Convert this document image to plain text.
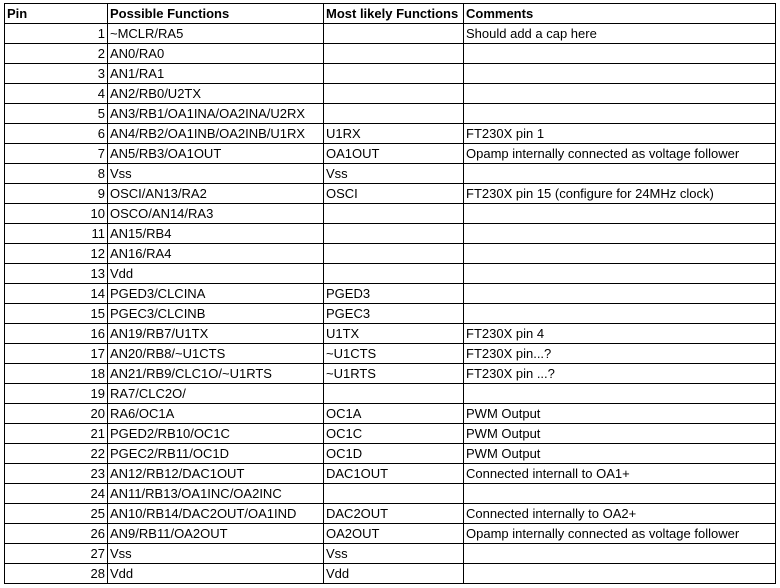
Pin	Possible Functions	Most likely Functions	Comments
1	~MCLR/RA5		Should add a cap here
2	AN0/RA0		
3	AN1/RA1		
4	AN2/RB0/U2TX		
5	AN3/RB1/OA1INA/OA2INA/U2RX		
6	AN4/RB2/OA1INB/OA2INB/U1RX	U1RX	FT230X pin 1
7	AN5/RB3/OA1OUT	OA1OUT	Opamp internally connected as voltage follower
8	Vss	Vss	
9	OSCI/AN13/RA2	OSCI	FT230X pin 15 (configure for 24MHz clock)
10	OSCO/AN14/RA3		
11	AN15/RB4		
12	AN16/RA4		
13	Vdd		
14	PGED3/CLCINA	PGED3	
15	PGEC3/CLCINB	PGEC3	
16	AN19/RB7/U1TX	U1TX	FT230X pin 4
17	AN20/RB8/~U1CTS	~U1CTS	FT230X pin...?
18	AN21/RB9/CLC1O/~U1RTS	~U1RTS	FT230X pin ...?
19	RA7/CLC2O/		
20	RA6/OC1A	OC1A	PWM Output
21	PGED2/RB10/OC1C	OC1C	PWM Output
22	PGEC2/RB11/OC1D	OC1D	PWM Output
23	AN12/RB12/DAC1OUT	DAC1OUT	Connected internall to OA1+
24	AN11/RB13/OA1INC/OA2INC		
25	AN10/RB14/DAC2OUT/OA1IND	DAC2OUT	Connected internally to OA2+
26	AN9/RB11/OA2OUT	OA2OUT	Opamp internally connected as voltage follower
27	Vss	Vss	
28	Vdd	Vdd	
